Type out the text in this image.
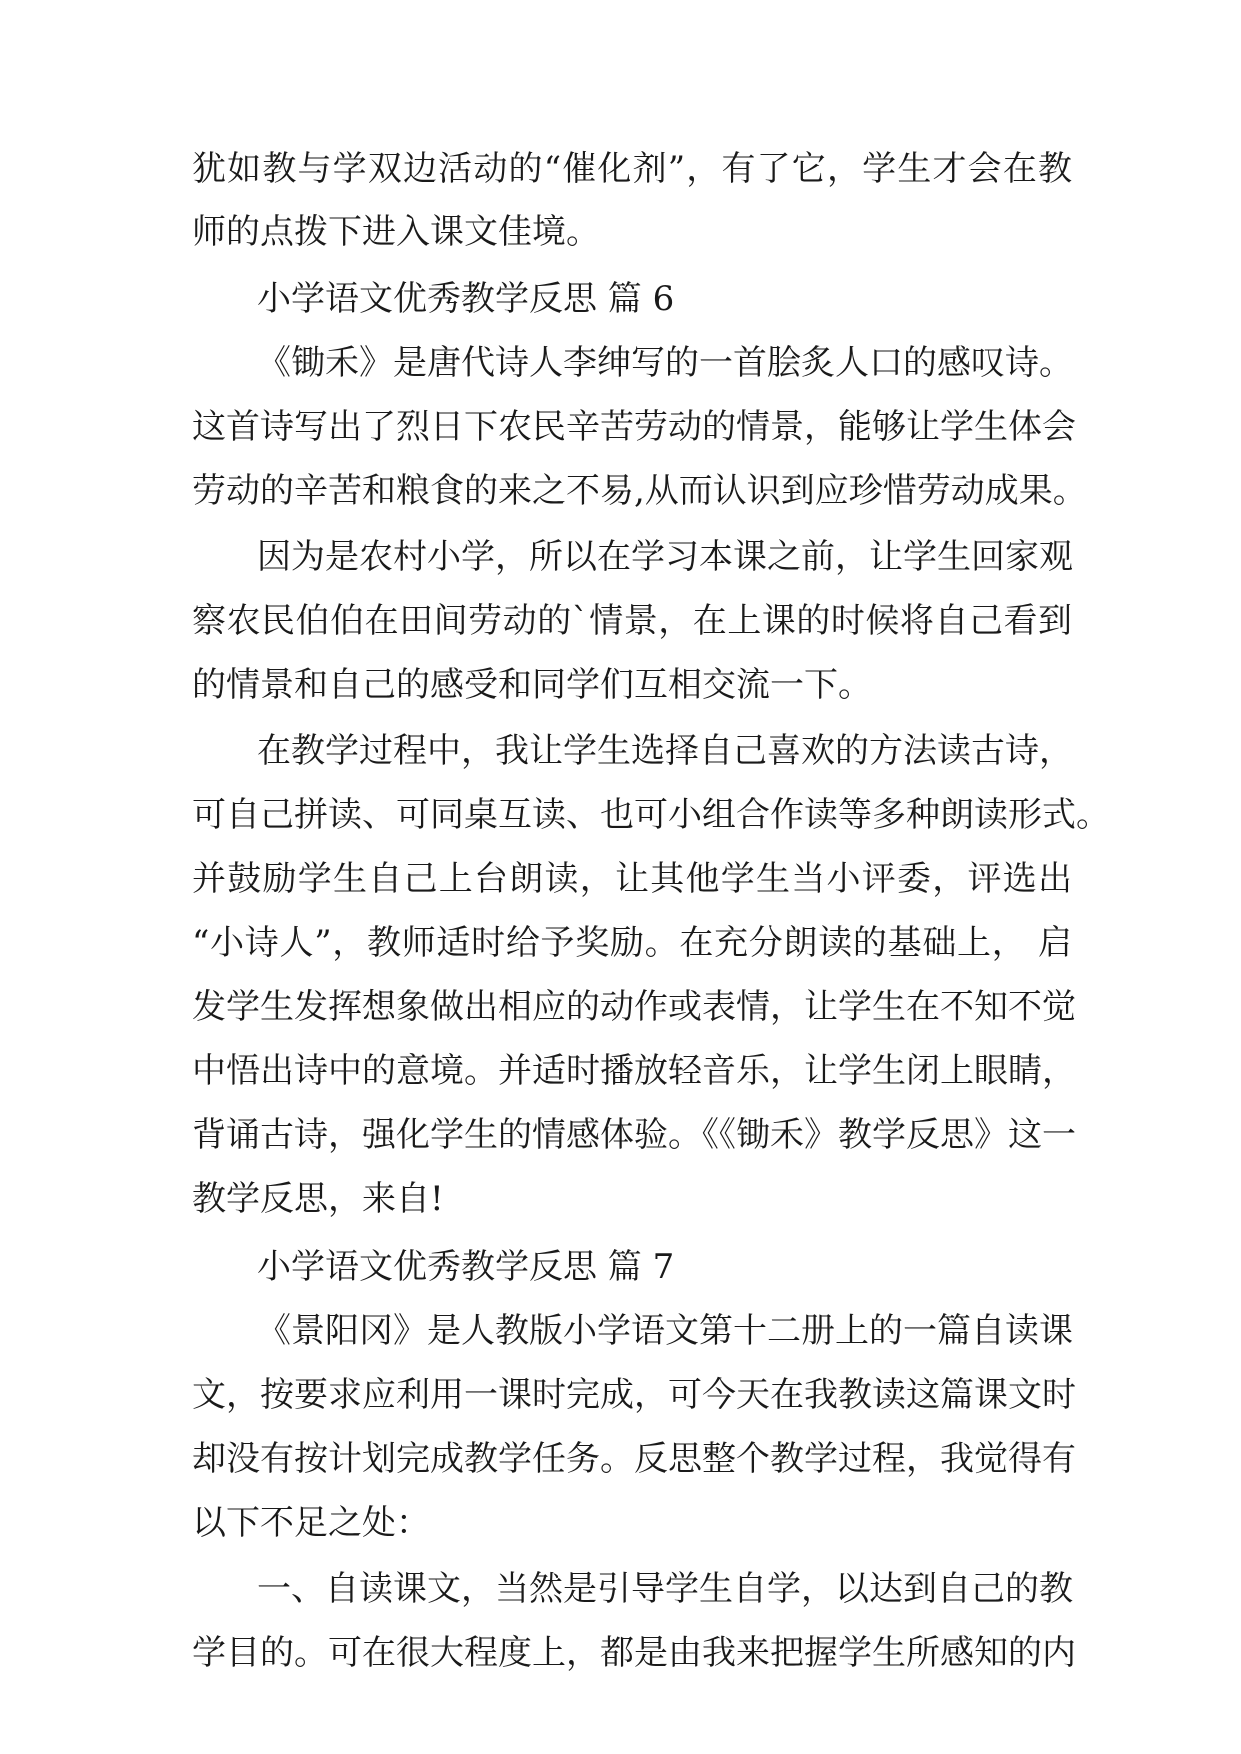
犹如教与学双边活动的“催化剂”，有了它，学生才会在教
师的点拨下进入课文佳境。
小学语文优秀教学反思 篇 6
《锄禾》是唐代诗人李绅写的一首脍炙人口的感叹诗。
这首诗写出了烈日下农民辛苦劳动的情景，能够让学生体会
劳动的辛苦和粮食的来之不易,从而认识到应珍惜劳动成果。
因为是农村小学，所以在学习本课之前，让学生回家观
察农民伯伯在田间劳动的`情景，在上课的时候将自己看到
的情景和自己的感受和同学们互相交流一下。
在教学过程中，我让学生选择自己喜欢的方法读古诗，
可自己拼读、可同桌互读、也可小组合作读等多种朗读形式。
并鼓励学生自己上台朗读，让其他学生当小评委，评选出
“小诗人”，教师适时给予奖励。在充分朗读的基础上， 启
发学生发挥想象做出相应的动作或表情，让学生在不知不觉
中悟出诗中的意境。并适时播放轻音乐，让学生闭上眼睛，
背诵古诗，强化学生的情感体验。《《锄禾》教学反思》这一
教学反思，来自!
小学语文优秀教学反思 篇 7
《景阳冈》是人教版小学语文第十二册上的一篇自读课
文，按要求应利用一课时完成，可今天在我教读这篇课文时
却没有按计划完成教学任务。反思整个教学过程，我觉得有
以下不足之处：
一、自读课文，当然是引导学生自学，以达到自己的教
学目的。可在很大程度上，都是由我来把握学生所感知的内
